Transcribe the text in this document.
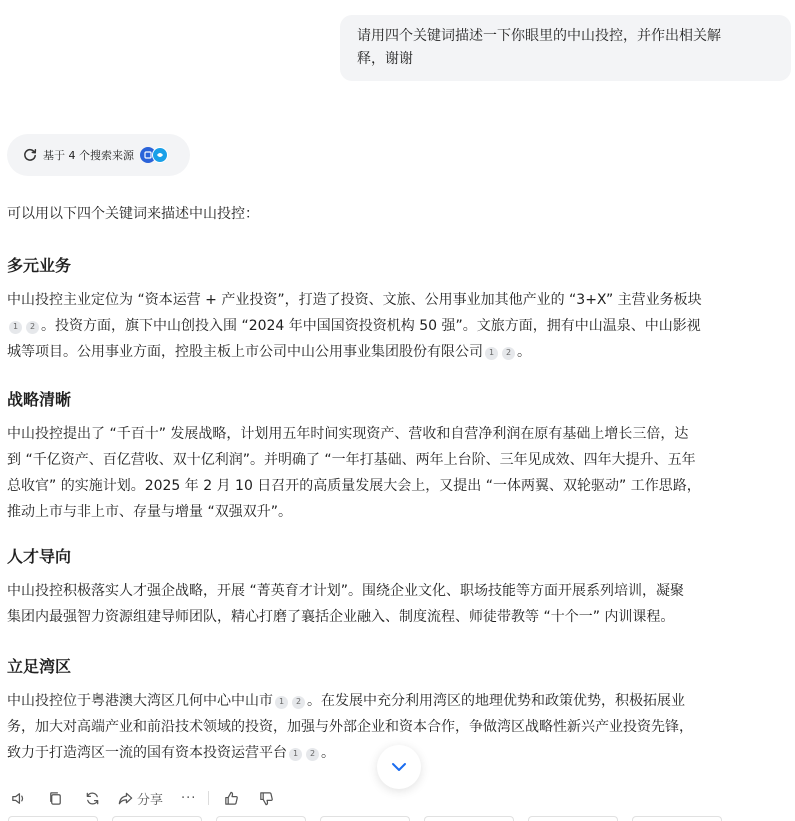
请用四个关键词描述一下你眼里的中山投控，并作出相关解
释，谢谢
基于 4 个搜索来源
可以用以下四个关键词来描述中山投控：
多元业务
中山投控主业定位为 “资本运营 + 产业投资”，打造了投资、文旅、公用事业加其他产业的 “3+X” 主营业务板块
1 2 。投资方面，旗下中山创投入围 “2024 年中国国资投资机构 50 强”。文旅方面，拥有中山温泉、中山影视
城等项目。公用事业方面，控股主板上市公司中山公用事业集团股份有限公司 1 2 。
战略清晰
中山投控提出了 “千百十” 发展战略，计划用五年时间实现资产、营收和自营净利润在原有基础上增长三倍，达
到 “千亿资产、百亿营收、双十亿利润”。并明确了 “一年打基础、两年上台阶、三年见成效、四年大提升、五年
总收官” 的实施计划。2025 年 2 月 10 日召开的高质量发展大会上，又提出 “一体两翼、双轮驱动” 工作思路，
推动上市与非上市、存量与增量 “双强双升”。
人才导向
中山投控积极落实人才强企战略，开展 “菁英育才计划”。围绕企业文化、职场技能等方面开展系列培训，凝聚
集团内最强智力资源组建导师团队，精心打磨了襄括企业融入、制度流程、师徒带教等 “十个一” 内训课程。
立足湾区
中山投控位于粤港澳大湾区几何中心中山市 1 2 。在发展中充分利用湾区的地理优势和政策优势，积极拓展业
务，加大对高端产业和前沿技术领域的投资，加强与外部企业和资本合作，争做湾区战略性新兴产业投资先锋，
致力于打造湾区一流的国有资本投资运营平台 1 2 。
分享 ···
